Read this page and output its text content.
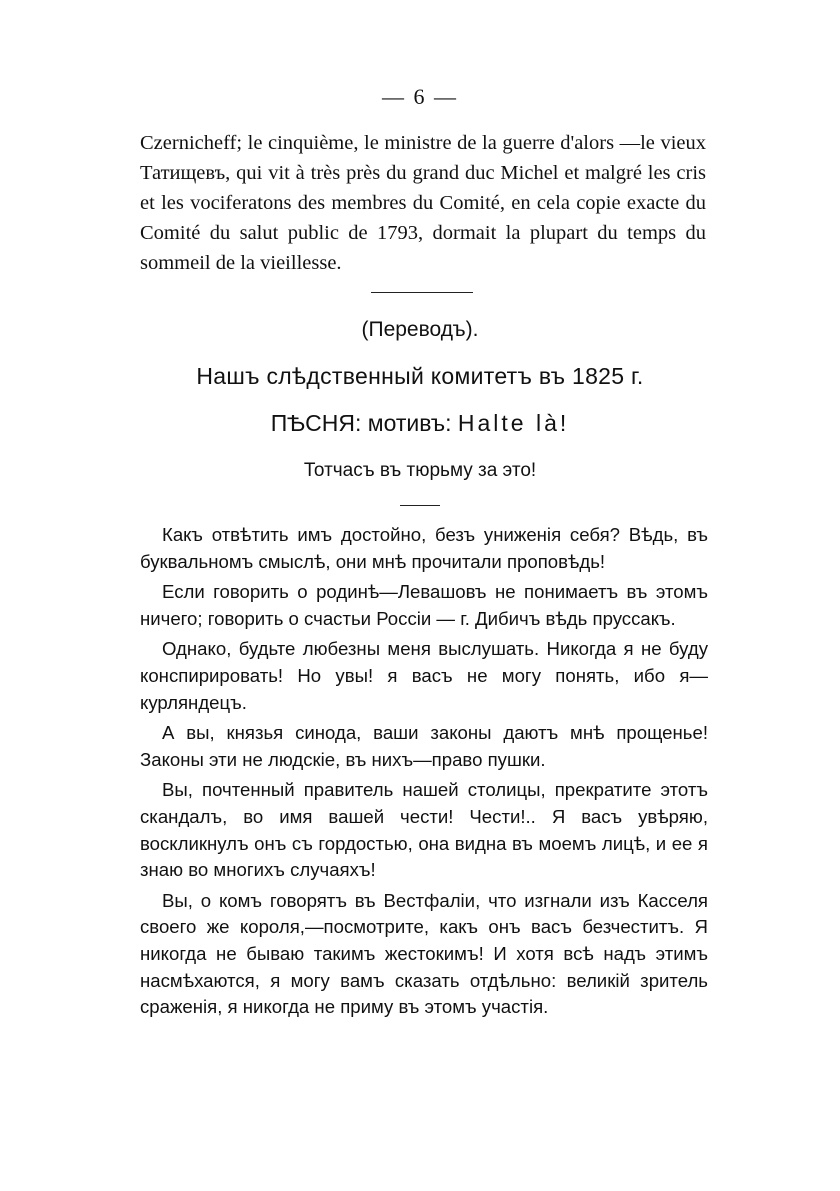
— 6 —

Czernicheff; le cinquième, le ministre de la guerre d'alors —le vieux Татищевъ, qui vit à très près du grand duc Michel et malgré les cris et les vociferatons des membres du Comité, en cela copie exacte du Comité du salut public de 1793, dormait la plupart du temps du sommeil de la vieillesse.

(Переводъ).
Нашъ слѣдственный комитетъ въ 1825 г.
ПѢСНЯ: мотивъ: Halte là!
Тотчасъ въ тюрьму за это!

Какъ отвѣтить имъ достойно, безъ униженія себя? Вѣдь, въ буквальномъ смыслѣ, они мнѣ прочитали проповѣдь!

Если говорить о родинѣ—Левашовъ не понимаетъ въ этомъ ничего; говорить о счастьи Россіи — г. Дибичъ вѣдь пруссакъ.

Однако, будьте любезны меня выслушать. Никогда я не буду конспирировать! Но увы! я васъ не могу понять, ибо я—курляндецъ.

А вы, князья синода, ваши законы даютъ мнѣ прощенье! Законы эти не людскіе, въ нихъ—право пушки.

Вы, почтенный правитель нашей столицы, прекратите этотъ скандалъ, во имя вашей чести! Чести!.. Я васъ увѣряю, воскликнулъ онъ съ гордостью, она видна въ моемъ лицѣ, и ее я знаю во многихъ случаяхъ!

Вы, о комъ говорятъ въ Вестфаліи, что изгнали изъ Касселя своего же короля,—посмотрите, какъ онъ васъ безчеститъ. Я никогда не бываю такимъ жестокимъ! И хотя всѣ надъ этимъ насмѣхаются, я могу вамъ сказать отдѣльно: великій зритель сраженія, я никогда не приму въ этомъ участія.
